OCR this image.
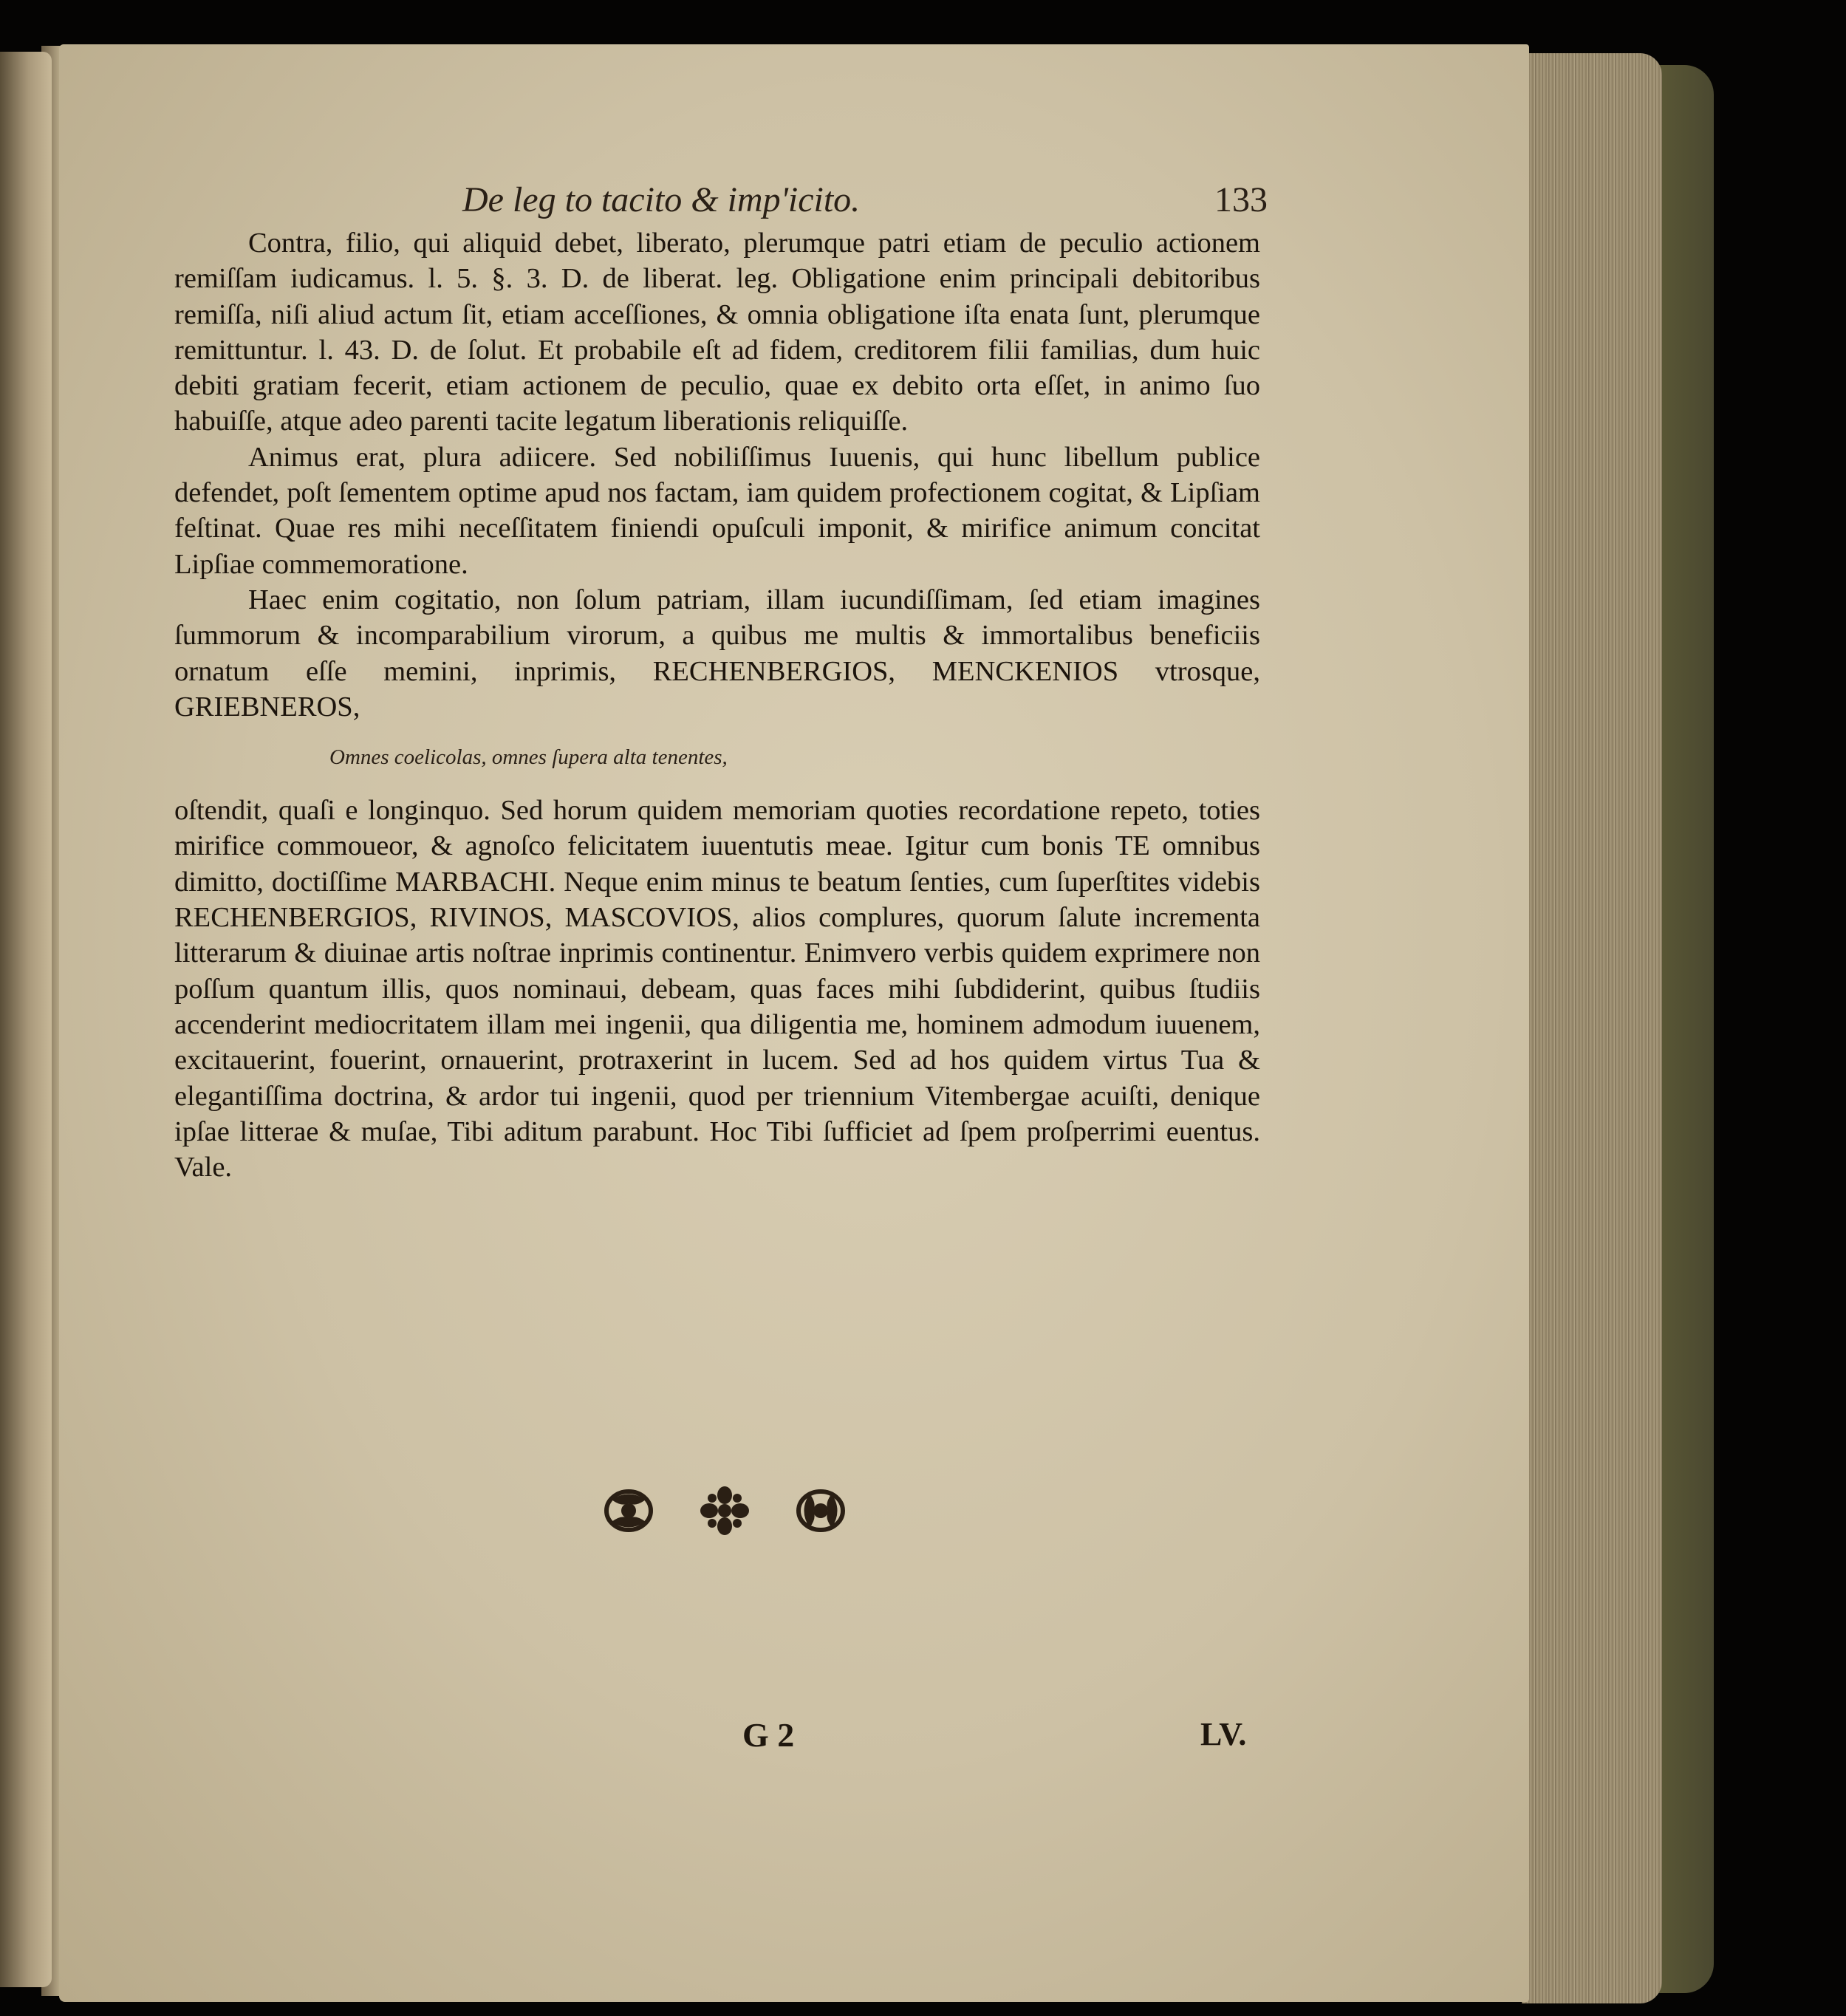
De leg to tacito & imp'icito.	133

Contra, filio, qui aliquid debet, liberato, plerumque patri etiam de peculio actionem remiſſam iudicamus. l. 5. §. 3. D. de liberat. leg. Obligatione enim principali debitoribus remiſſa, niſi aliud actum ſit, etiam acceſſiones, & omnia obligatione iſta enata ſunt, plerumque remittuntur. l. 43. D. de ſolut. Et probabile eſt ad fidem, creditorem filii familias, dum huic debiti gratiam fecerit, etiam actionem de peculio, quae ex debito orta eſſet, in animo ſuo habuiſſe, atque adeo parenti tacite legatum liberationis reliquiſſe.

Animus erat, plura adiicere. Sed nobiliſſimus Iuuenis, qui hunc libellum publice defendet, poſt ſementem optime apud nos factam, iam quidem profectionem cogitat, & Lipſiam feſtinat. Quae res mihi neceſſitatem finiendi opuſculi imponit, & mirifice animum concitat Lipſiae commemoratione.

Haec enim cogitatio, non ſolum patriam, illam iucundiſſimam, ſed etiam imagines ſummorum & incomparabilium virorum, a quibus me multis & immortalibus beneficiis ornatum eſſe memini, inprimis, RECHENBERGIOS, MENCKENIOS vtrosque, GRIEBNEROS,

Omnes coelicolas, omnes ſupera alta tenentes,

oſtendit, quaſi e longinquo. Sed horum quidem memoriam quoties recordatione repeto, toties mirifice commoueor, & agnoſco felicitatem iuuentutis meae. Igitur cum bonis TE omnibus dimitto, doctiſſime MARBACHI. Neque enim minus te beatum ſenties, cum ſuperſtites videbis RECHENBERGIOS, RIVINOS, MASCOVIOS, alios complures, quorum ſalute incrementa litterarum & diuinae artis noſtrae inprimis continentur. Enimvero verbis quidem exprimere non poſſum quantum illis, quos nominaui, debeam, quas faces mihi ſubdiderint, quibus ſtudiis accenderint mediocritatem illam mei ingenii, qua diligentia me, hominem admodum iuuenem, excitauerint, fouerint, ornauerint, protraxerint in lucem. Sed ad hos quidem virtus Tua & elegantiſſima doctrina, & ardor tui ingenii, quod per triennium Vitembergae acuiſti, denique ipſae litterae & muſae, Tibi aditum parabunt. Hoc Tibi ſufficiet ad ſpem proſperrimi euentus. Vale.

G 2	LV.
